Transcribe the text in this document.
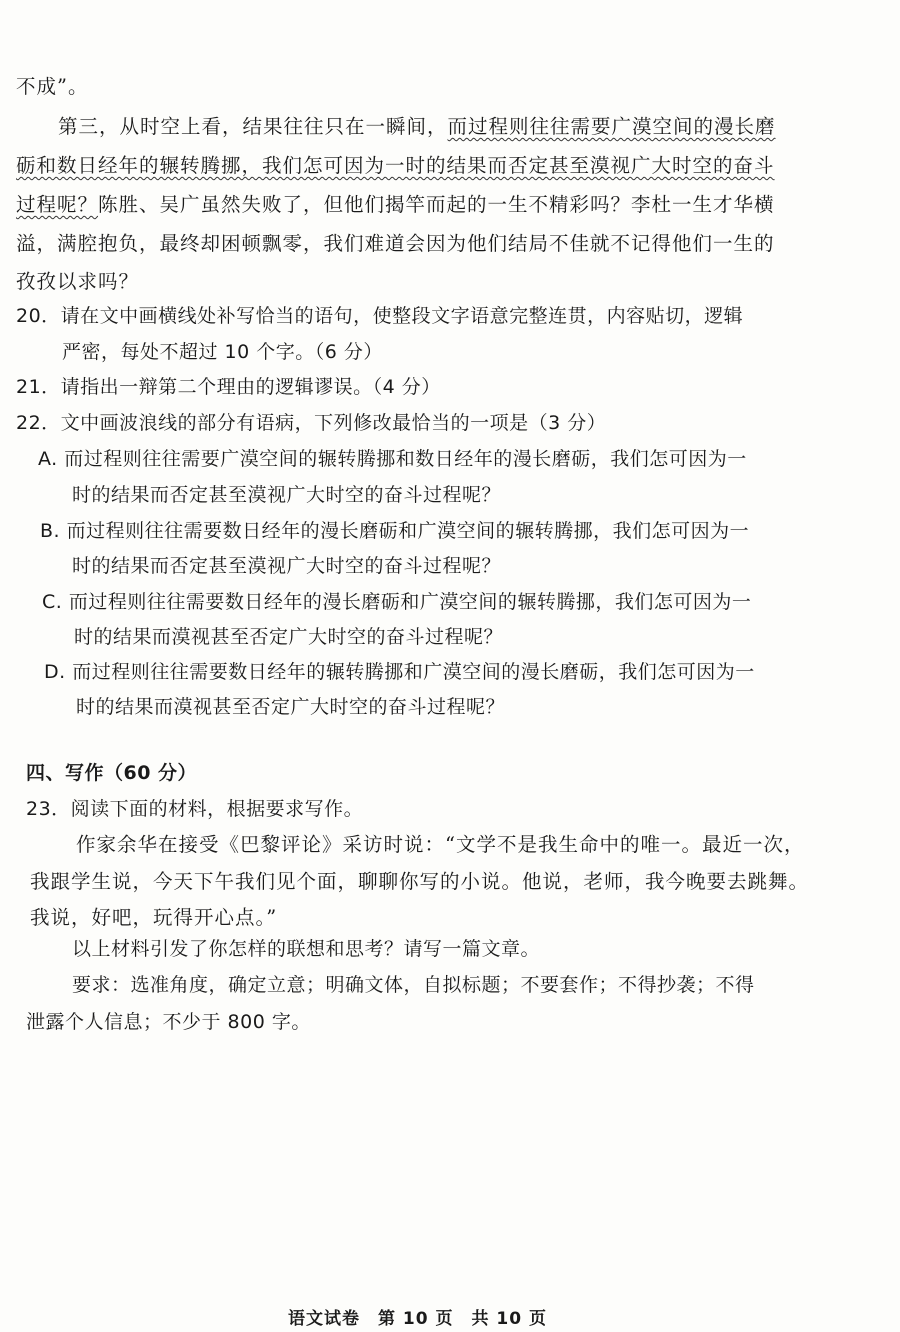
不成”。
第三，从时空上看，结果往往只在一瞬间，而过程则往往需要广漠空间的漫长磨
砺和数日经年的辗转腾挪，我们怎可因为一时的结果而否定甚至漠视广大时空的奋斗
过程呢？陈胜、吴广虽然失败了，但他们揭竿而起的一生不精彩吗？李杜一生才华横
溢，满腔抱负，最终却困顿飘零，我们难道会因为他们结局不佳就不记得他们一生的
孜孜以求吗？
20．请在文中画横线处补写恰当的语句，使整段文字语意完整连贯，内容贴切，逻辑
严密，每处不超过 10 个字。（6 分）
21．请指出一辩第二个理由的逻辑谬误。（4 分）
22．文中画波浪线的部分有语病，下列修改最恰当的一项是（3 分）
A. 而过程则往往需要广漠空间的辗转腾挪和数日经年的漫长磨砺，我们怎可因为一
时的结果而否定甚至漠视广大时空的奋斗过程呢？
B. 而过程则往往需要数日经年的漫长磨砺和广漠空间的辗转腾挪，我们怎可因为一
时的结果而否定甚至漠视广大时空的奋斗过程呢？
C. 而过程则往往需要数日经年的漫长磨砺和广漠空间的辗转腾挪，我们怎可因为一
时的结果而漠视甚至否定广大时空的奋斗过程呢？
D. 而过程则往往需要数日经年的辗转腾挪和广漠空间的漫长磨砺，我们怎可因为一
时的结果而漠视甚至否定广大时空的奋斗过程呢？
四、写作（60 分）
23．阅读下面的材料，根据要求写作。
作家余华在接受《巴黎评论》采访时说：“文学不是我生命中的唯一。最近一次，
我跟学生说，今天下午我们见个面，聊聊你写的小说。他说，老师，我今晚要去跳舞。
我说，好吧，玩得开心点。”
以上材料引发了你怎样的联想和思考？请写一篇文章。
要求：选准角度，确定立意；明确文体，自拟标题；不要套作；不得抄袭；不得
泄露个人信息；不少于 800 字。
语文试卷　第 10 页　共 10 页
